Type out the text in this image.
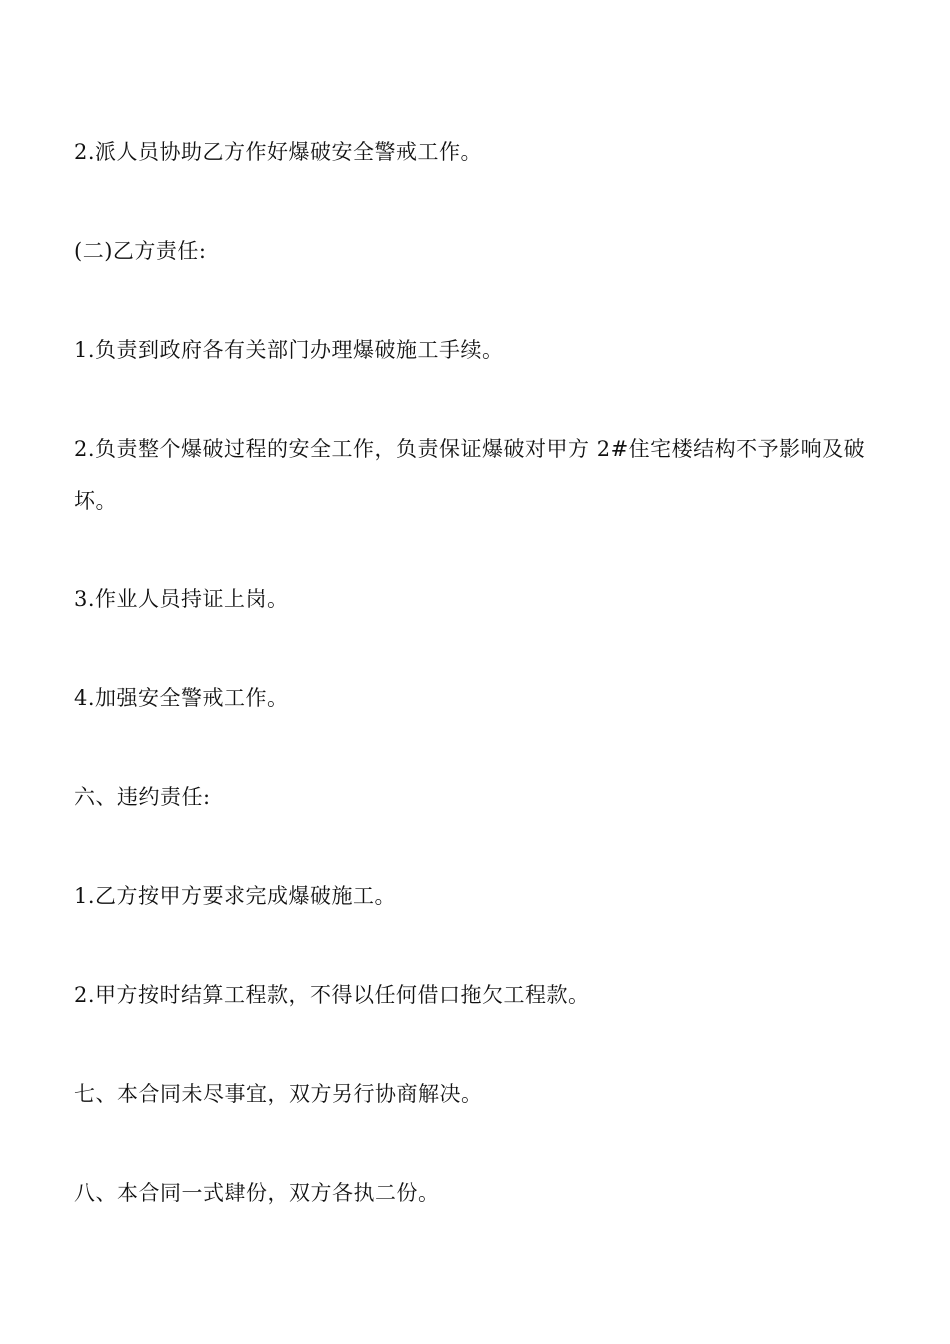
2.派人员协助乙方作好爆破安全警戒工作。

(二)乙方责任:

1.负责到政府各有关部门办理爆破施工手续。

2.负责整个爆破过程的安全工作，负责保证爆破对甲方 2#住宅楼结构不予影响及破坏。

3.作业人员持证上岗。

4.加强安全警戒工作。

六、违约责任:

1.乙方按甲方要求完成爆破施工。

2.甲方按时结算工程款，不得以任何借口拖欠工程款。

七、本合同未尽事宜，双方另行协商解决。

八、本合同一式肆份，双方各执二份。
